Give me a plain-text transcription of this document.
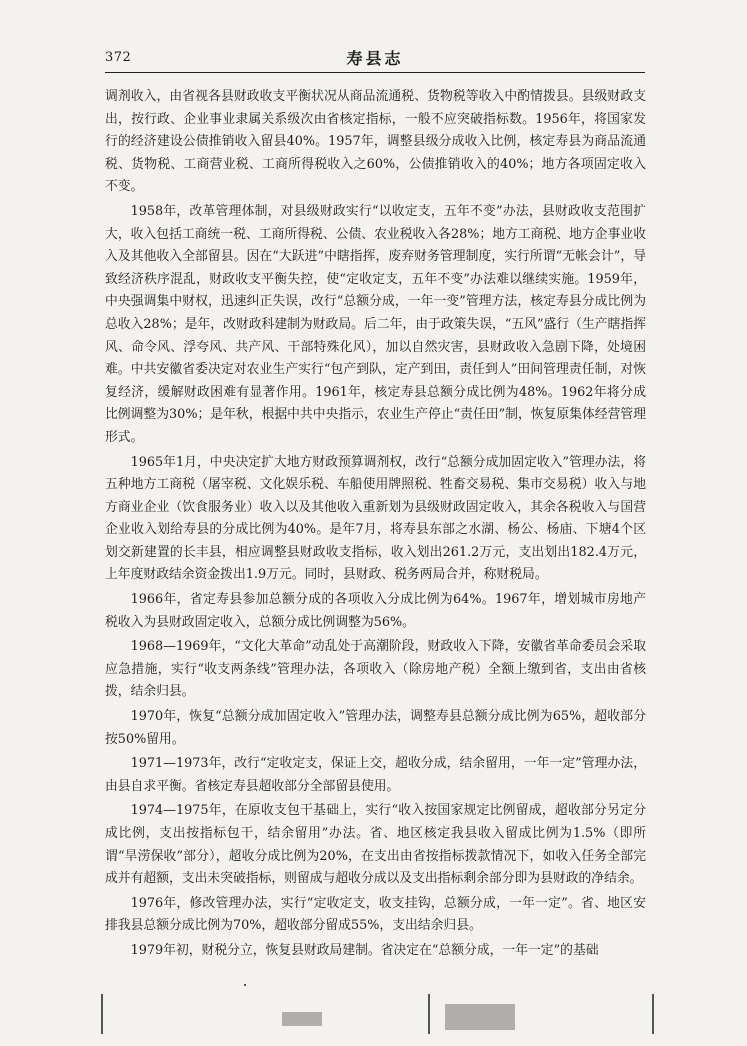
372	寿县志

调剂收入，由省视各县财政收支平衡状况从商品流通税、货物税等收入中酌情拨县。县级财政支出，按行政、企业事业隶属关系级次由省核定指标，一般不应突破指标数。1956年，将国家发行的经济建设公债推销收入留县40%。1957年，调整县级分成收入比例，核定寿县为商品流通税、货物税、工商营业税、工商所得税收入之60%，公债推销收入的40%；地方各项固定收入不变。

1958年，改革管理体制，对县级财政实行“以收定支，五年不变”办法，县财政收支范围扩大，收入包括工商统一税、工商所得税、公债、农业税收入各28%；地方工商税、地方企事业收入及其他收入全部留县。因在“大跃进”中瞎指挥，废弃财务管理制度，实行所谓“无帐会计”，导致经济秩序混乱，财政收支平衡失控，使“定收定支，五年不变”办法难以继续实施。1959年，中央强调集中财权，迅速纠正失误，改行“总额分成，一年一变”管理方法，核定寿县分成比例为总收入28%；是年，改财政科建制为财政局。后二年，由于政策失误，“五风”盛行（生产瞎指挥风、命令风、浮夸风、共产风、干部特殊化风），加以自然灾害，县财政收入急剧下降，处境困难。中共安徽省委决定对农业生产实行“包产到队，定产到田，责任到人”田间管理责任制，对恢复经济，缓解财政困难有显著作用。1961年，核定寿县总额分成比例为48%。1962年将分成比例调整为30%；是年秋，根据中共中央指示，农业生产停止“责任田”制，恢复原集体经营管理形式。

1965年1月，中央决定扩大地方财政预算调剂权，改行“总额分成加固定收入”管理办法，将五种地方工商税（屠宰税、文化娱乐税、车船使用牌照税、牲畜交易税、集市交易税）收入与地方商业企业（饮食服务业）收入以及其他收入重新划为县级财政固定收入，其余各税收入与国营企业收入划给寿县的分成比例为40%。是年7月，将寿县东部之水湖、杨公、杨庙、下塘4个区划交新建置的长丰县，相应调整县财政收支指标，收入划出261.2万元，支出划出182.4万元，上年度财政结余资金拨出1.9万元。同时，县财政、税务两局合并，称财税局。

1966年，省定寿县参加总额分成的各项收入分成比例为64%。1967年，增划城市房地产税收入为县财政固定收入，总额分成比例调整为56%。

1968—1969年，“文化大革命”动乱处于高潮阶段，财政收入下降，安徽省革命委员会采取应急措施，实行“收支两条线”管理办法，各项收入（除房地产税）全额上缴到省，支出由省核拨，结余归县。

1970年，恢复“总额分成加固定收入”管理办法，调整寿县总额分成比例为65%，超收部分按50%留用。

1971—1973年，改行“定收定支，保证上交，超收分成，结余留用，一年一定”管理办法，由县自求平衡。省核定寿县超收部分全部留县使用。

1974—1975年，在原收支包干基础上，实行“收入按国家规定比例留成，超收部分另定分成比例，支出按指标包干，结余留用”办法。省、地区核定我县收入留成比例为1.5%（即所谓“旱涝保收”部分），超收分成比例为20%，在支出由省按指标拨款情况下，如收入任务全部完成并有超额，支出未突破指标，则留成与超收分成以及支出指标剩余部分即为县财政的净结余。

1976年，修改管理办法，实行“定收定支，收支挂钩，总额分成，一年一定”。省、地区安排我县总额分成比例为70%，超收部分留成55%，支出结余归县。

1979年初，财税分立，恢复县财政局建制。省决定在“总额分成，一年一定”的基础
